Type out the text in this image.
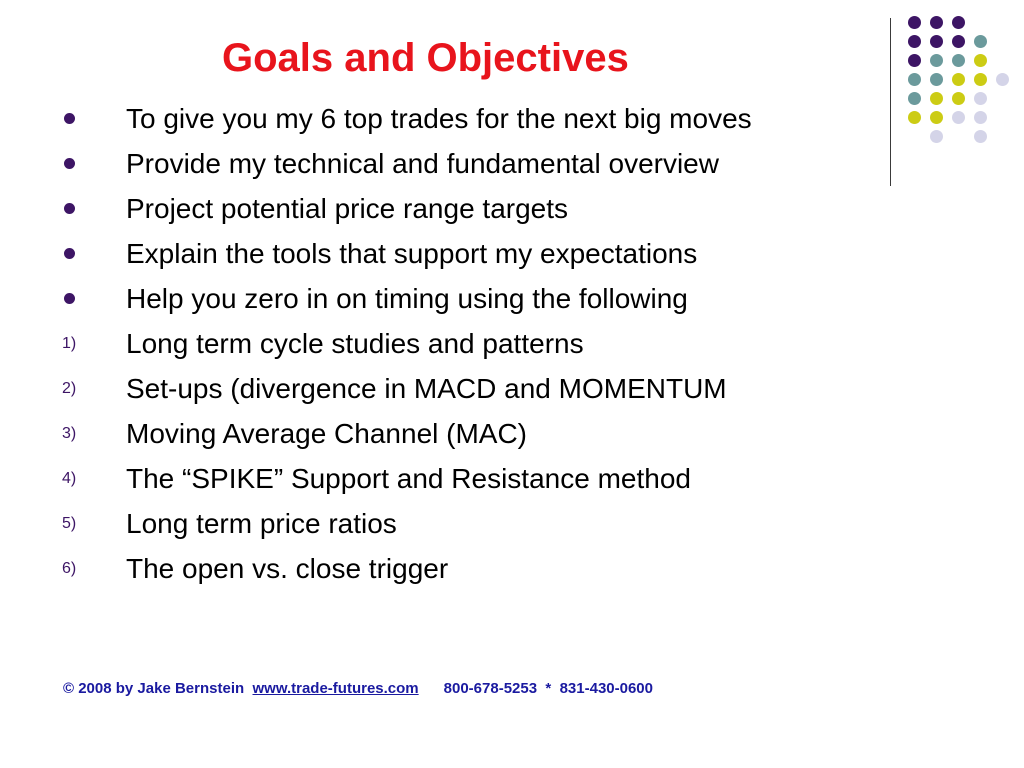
Goals and Objectives
To give you my 6 top trades for the next big moves
Provide my technical and fundamental overview
Project potential price range targets
Explain the tools that support my expectations
Help you zero in on timing using the following
1) Long term cycle studies and patterns
2) Set-ups (divergence in MACD and MOMENTUM
3) Moving Average Channel (MAC)
4) The “SPIKE” Support and Resistance method
5) Long term price ratios
6) The open vs. close trigger
© 2008 by Jake Bernstein www.trade-futures.com 800-678-5253  *  831-430-0600
